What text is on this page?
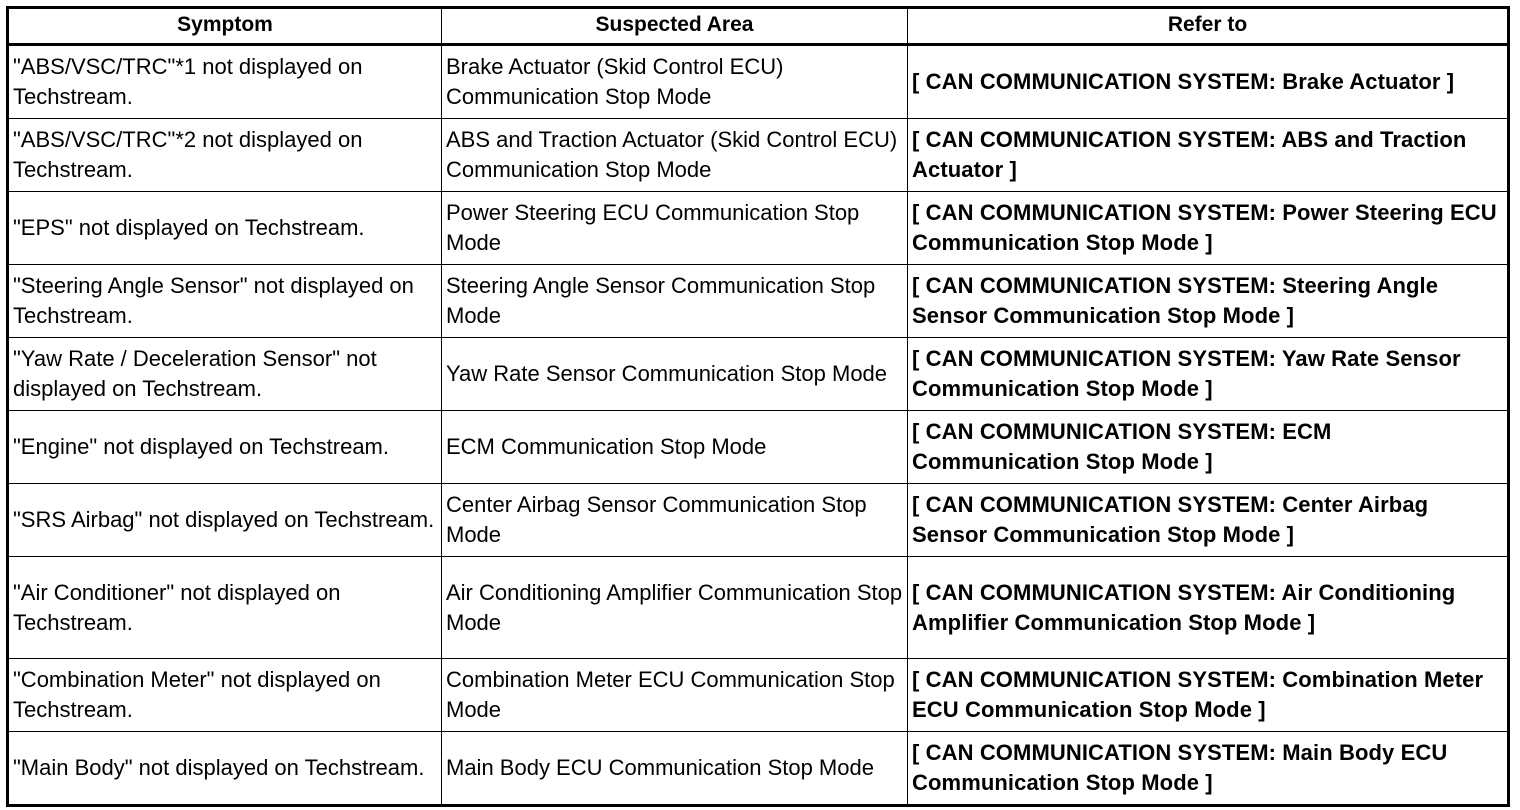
Symptom	Suspected Area	Refer to
"ABS/VSC/TRC"*1 not displayed on Techstream.	Brake Actuator (Skid Control ECU) Communication Stop Mode	[ CAN COMMUNICATION SYSTEM: Brake Actuator ]
"ABS/VSC/TRC"*2 not displayed on Techstream.	ABS and Traction Actuator (Skid Control ECU) Communication Stop Mode	[ CAN COMMUNICATION SYSTEM: ABS and Traction Actuator ]
"EPS" not displayed on Techstream.	Power Steering ECU Communication Stop Mode	[ CAN COMMUNICATION SYSTEM: Power Steering ECU Communication Stop Mode ]
"Steering Angle Sensor" not displayed on Techstream.	Steering Angle Sensor Communication Stop Mode	[ CAN COMMUNICATION SYSTEM: Steering Angle Sensor Communication Stop Mode ]
"Yaw Rate / Deceleration Sensor" not displayed on Techstream.	Yaw Rate Sensor Communication Stop Mode	[ CAN COMMUNICATION SYSTEM: Yaw Rate Sensor Communication Stop Mode ]
"Engine" not displayed on Techstream.	ECM Communication Stop Mode	[ CAN COMMUNICATION SYSTEM: ECM Communication Stop Mode ]
"SRS Airbag" not displayed on Techstream.	Center Airbag Sensor Communication Stop Mode	[ CAN COMMUNICATION SYSTEM: Center Airbag Sensor Communication Stop Mode ]
"Air Conditioner" not displayed on Techstream.	Air Conditioning Amplifier Communication Stop Mode	[ CAN COMMUNICATION SYSTEM: Air Conditioning Amplifier Communication Stop Mode ]
"Combination Meter" not displayed on Techstream.	Combination Meter ECU Communication Stop Mode	[ CAN COMMUNICATION SYSTEM: Combination Meter ECU Communication Stop Mode ]
"Main Body" not displayed on Techstream.	Main Body ECU Communication Stop Mode	[ CAN COMMUNICATION SYSTEM: Main Body ECU Communication Stop Mode ]
